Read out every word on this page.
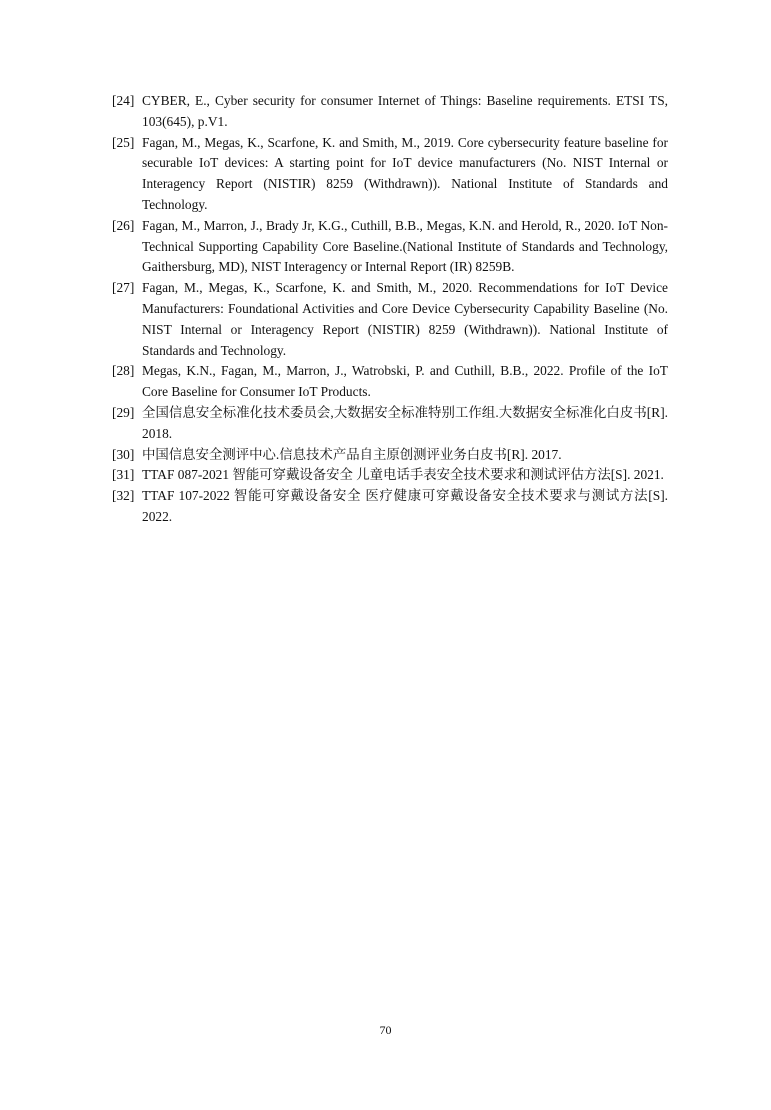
[24] CYBER, E., Cyber security for consumer Internet of Things: Baseline requirements. ETSI TS, 103(645), p.V1.
[25] Fagan, M., Megas, K., Scarfone, K. and Smith, M., 2019. Core cybersecurity feature baseline for securable IoT devices: A starting point for IoT device manufacturers (No. NIST Internal or Interagency Report (NISTIR) 8259 (Withdrawn)). National Institute of Standards and Technology.
[26] Fagan, M., Marron, J., Brady Jr, K.G., Cuthill, B.B., Megas, K.N. and Herold, R., 2020. IoT Non-Technical Supporting Capability Core Baseline.(National Institute of Standards and Technology, Gaithersburg, MD), NIST Interagency or Internal Report (IR) 8259B.
[27] Fagan, M., Megas, K., Scarfone, K. and Smith, M., 2020. Recommendations for IoT Device Manufacturers: Foundational Activities and Core Device Cybersecurity Capability Baseline (No. NIST Internal or Interagency Report (NISTIR) 8259 (Withdrawn)). National Institute of Standards and Technology.
[28] Megas, K.N., Fagan, M., Marron, J., Watrobski, P. and Cuthill, B.B., 2022. Profile of the IoT Core Baseline for Consumer IoT Products.
[29] 全国信息安全标准化技术委员会,大数据安全标准特别工作组.大数据安全标准化白皮书[R]. 2018.
[30] 中国信息安全测评中心.信息技术产品自主原创测评业务白皮书[R]. 2017.
[31] TTAF 087-2021 智能可穿戴设备安全 儿童电话手表安全技术要求和测试评估方法[S]. 2021.
[32] TTAF 107-2022 智能可穿戴设备安全 医疗健康可穿戴设备安全技术要求与测试方法[S]. 2022.
70
